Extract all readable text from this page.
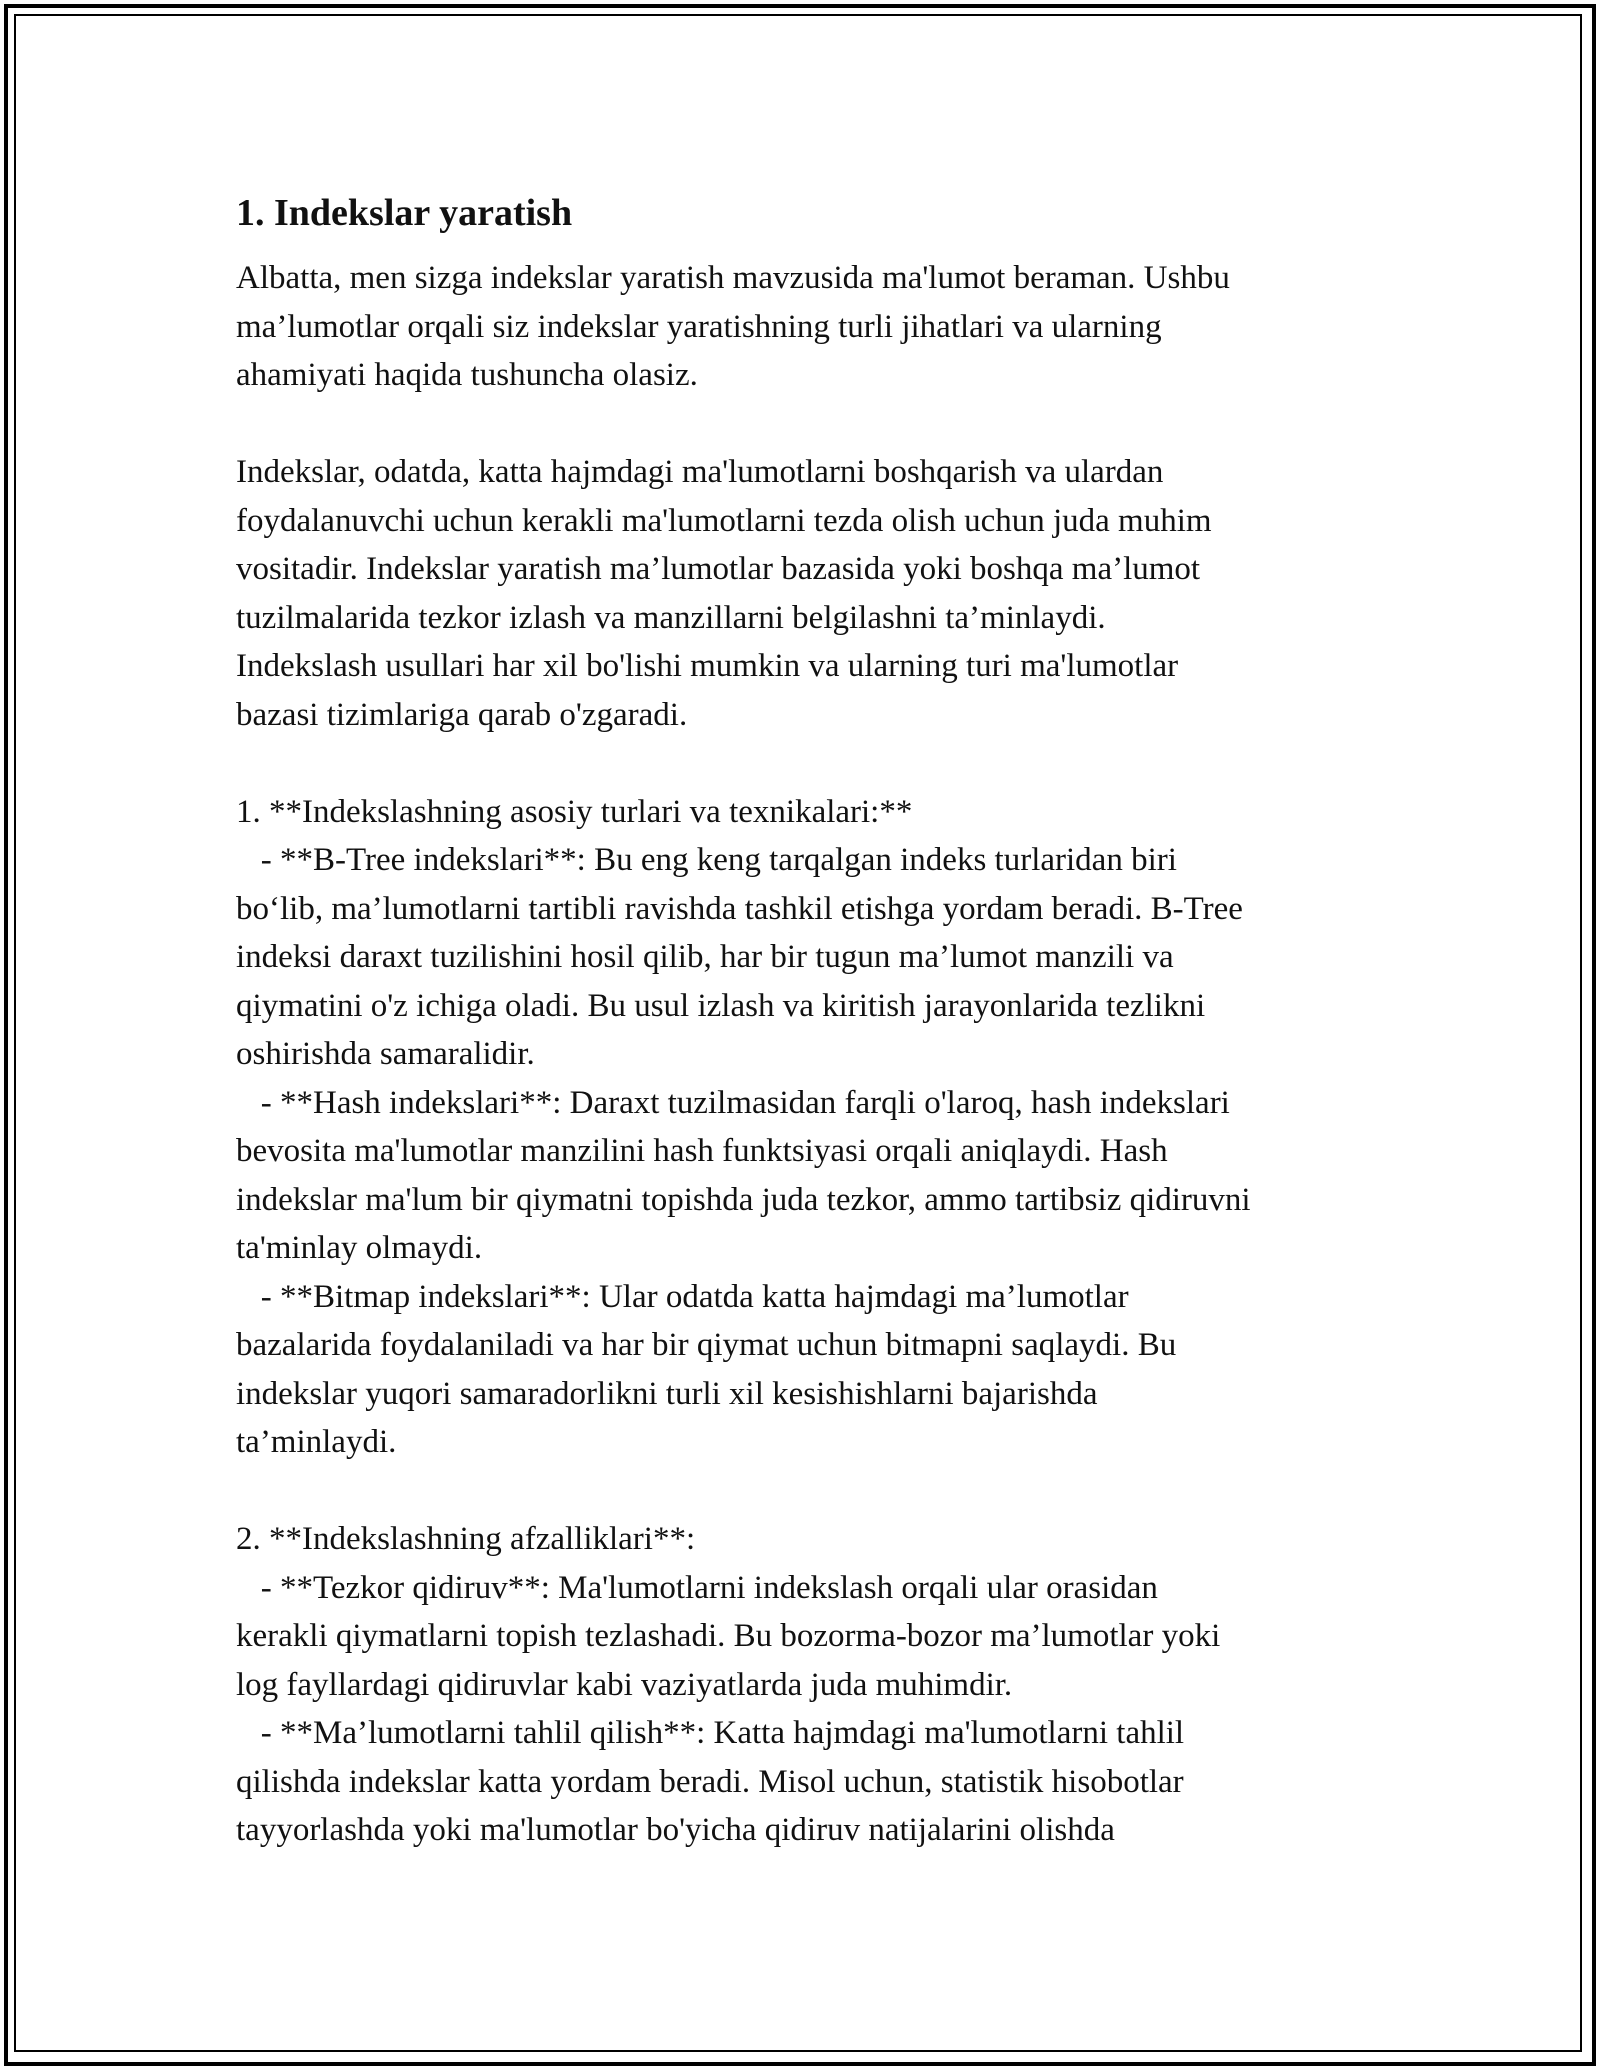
1. Indekslar yaratish
Albatta, men sizga indekslar yaratish mavzusida ma'lumot beraman. Ushbu
ma’lumotlar orqali siz indekslar yaratishning turli jihatlari va ularning
ahamiyati haqida tushuncha olasiz.
Indekslar, odatda, katta hajmdagi ma'lumotlarni boshqarish va ulardan
foydalanuvchi uchun kerakli ma'lumotlarni tezda olish uchun juda muhim
vositadir. Indekslar yaratish ma’lumotlar bazasida yoki boshqa ma’lumot
tuzilmalarida tezkor izlash va manzillarni belgilashni ta’minlaydi.
Indekslash usullari har xil bo'lishi mumkin va ularning turi ma'lumotlar
bazasi tizimlariga qarab o'zgaradi.
1. **Indekslashning asosiy turlari va texnikalari:**
- **B-Tree indekslari**: Bu eng keng tarqalgan indeks turlaridan biri
bo‘lib, ma’lumotlarni tartibli ravishda tashkil etishga yordam beradi. B-Tree
indeksi daraxt tuzilishini hosil qilib, har bir tugun ma’lumot manzili va
qiymatini o'z ichiga oladi. Bu usul izlash va kiritish jarayonlarida tezlikni
oshirishda samaralidir.
- **Hash indekslari**: Daraxt tuzilmasidan farqli o'laroq, hash indekslari
bevosita ma'lumotlar manzilini hash funktsiyasi orqali aniqlaydi. Hash
indekslar ma'lum bir qiymatni topishda juda tezkor, ammo tartibsiz qidiruvni
ta'minlay olmaydi.
- **Bitmap indekslari**: Ular odatda katta hajmdagi ma’lumotlar
bazalarida foydalaniladi va har bir qiymat uchun bitmapni saqlaydi. Bu
indekslar yuqori samaradorlikni turli xil kesishishlarni bajarishda
ta’minlaydi.
2. **Indekslashning afzalliklari**:
- **Tezkor qidiruv**: Ma'lumotlarni indekslash orqali ular orasidan
kerakli qiymatlarni topish tezlashadi. Bu bozorma-bozor ma’lumotlar yoki
log fayllardagi qidiruvlar kabi vaziyatlarda juda muhimdir.
- **Ma’lumotlarni tahlil qilish**: Katta hajmdagi ma'lumotlarni tahlil
qilishda indekslar katta yordam beradi. Misol uchun, statistik hisobotlar
tayyorlashda yoki ma'lumotlar bo'yicha qidiruv natijalarini olishda
